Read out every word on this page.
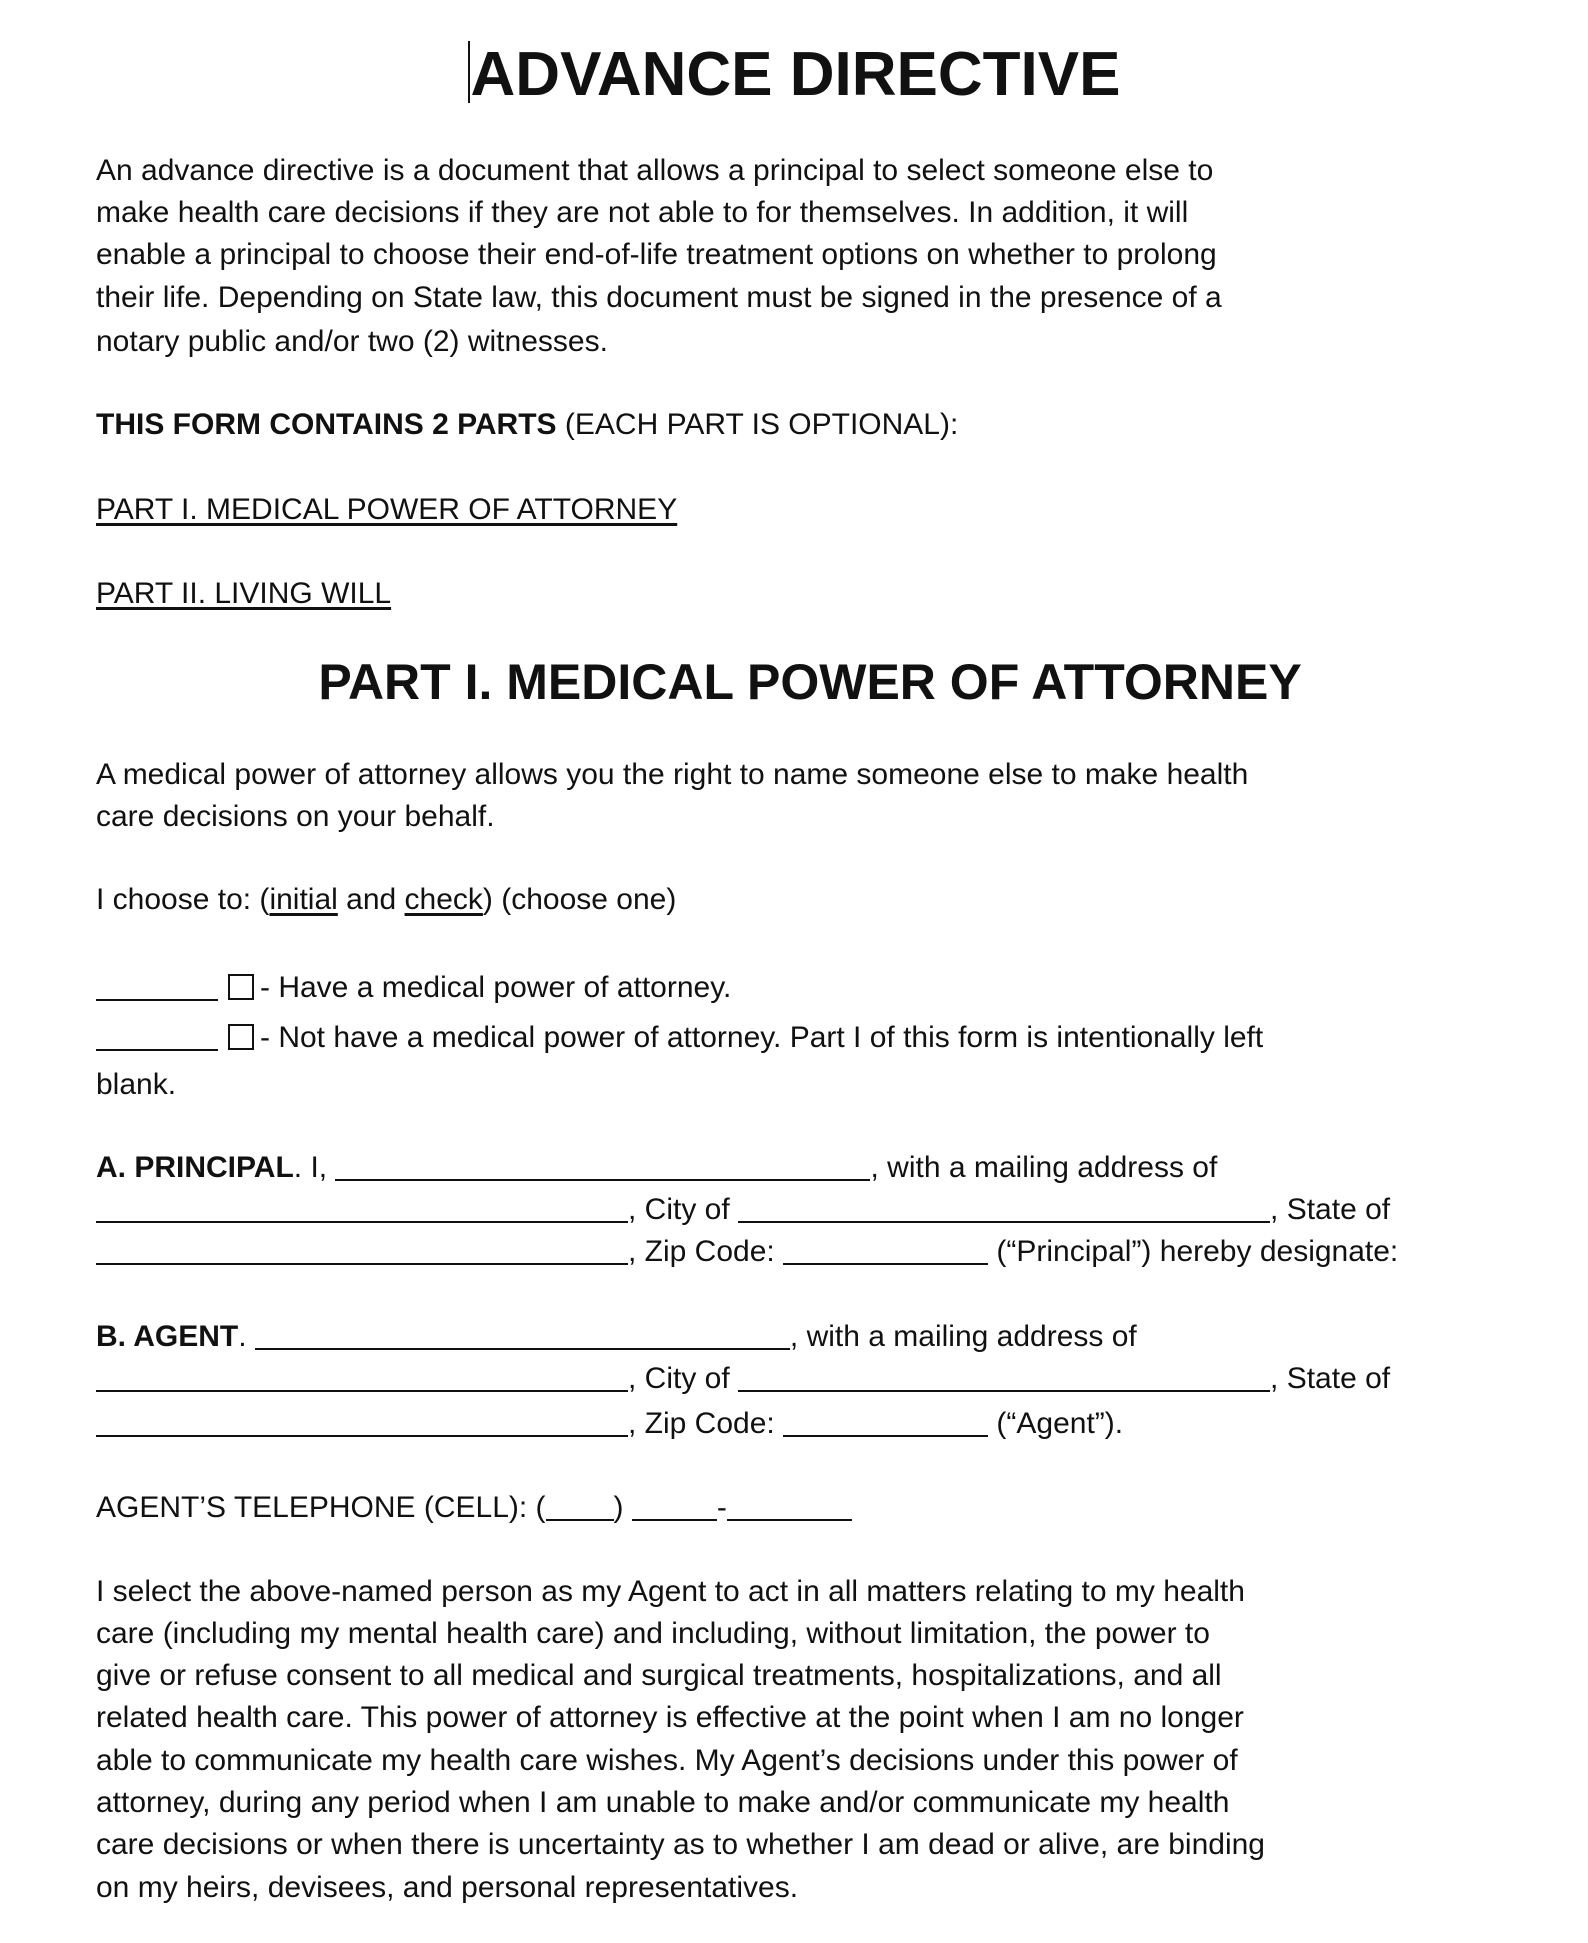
ADVANCE DIRECTIVE
An advance directive is a document that allows a principal to select someone else to
make health care decisions if they are not able to for themselves. In addition, it will
enable a principal to choose their end-of-life treatment options on whether to prolong
their life. Depending on State law, this document must be signed in the presence of a
notary public and/or two (2) witnesses.
THIS FORM CONTAINS 2 PARTS (EACH PART IS OPTIONAL):
PART I. MEDICAL POWER OF ATTORNEY
PART II. LIVING WILL
PART I. MEDICAL POWER OF ATTORNEY
A medical power of attorney allows you the right to name someone else to make health
care decisions on your behalf.
I choose to: (initial and check) (choose one)
- Have a medical power of attorney.
- Not have a medical power of attorney. Part I of this form is intentionally left
blank.
A. PRINCIPAL. I,	, with a mailing address of
, City of	, State of
, Zip Code:	(“Principal”) hereby designate:
B. AGENT.	, with a mailing address of
, City of	, State of
, Zip Code:	(“Agent”).
AGENT’S TELEPHONE (CELL): ( )	-
I select the above-named person as my Agent to act in all matters relating to my health
care (including my mental health care) and including, without limitation, the power to
give or refuse consent to all medical and surgical treatments, hospitalizations, and all
related health care. This power of attorney is effective at the point when I am no longer
able to communicate my health care wishes. My Agent’s decisions under this power of
attorney, during any period when I am unable to make and/or communicate my health
care decisions or when there is uncertainty as to whether I am dead or alive, are binding
on my heirs, devisees, and personal representatives.
